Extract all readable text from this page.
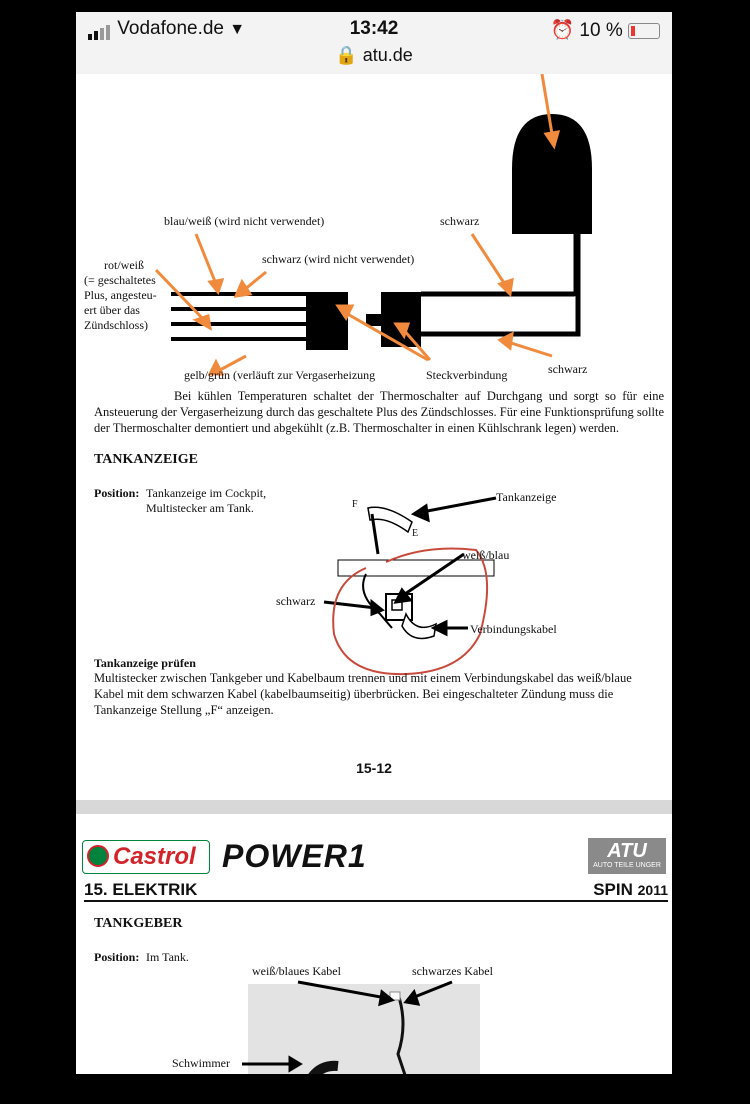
Vodafone.de ▼	13:42	⏰ 10 %
🔒 atu.de
blau/weiß (wird nicht verwendet)	schwarz
rot/weiß
(= geschaltetes
Plus, angesteu-
ert über das
Zündschloss)
schwarz (wird nicht verwendet)
gelb/grün (verläuft zur Vergaserheizung	Steckverbindung	schwarz
Bei kühlen Temperaturen schaltet der Thermoschalter auf Durchgang und sorgt so für eine Ansteuerung der Vergaserheizung durch das geschaltete Plus des Zündschlosses. Für eine Funktionsprüfung sollte der Thermoschalter demontiert und abgekühlt (z.B. Thermoschalter in einen Kühlschrank legen) werden.
TANKANZEIGE
Position: Tankanzeige im Cockpit,
Multistecker am Tank.	F
E
Tankanzeige
weiß/blau
schwarz
Verbindungskabel
Tankanzeige prüfen
Multistecker zwischen Tankgeber und Kabelbaum trennen und mit einem Verbindungskabel das weiß/blaue Kabel mit dem schwarzen Kabel (kabelbaumseitig) überbrücken. Bei eingeschalteter Zündung muss die Tankanzeige Stellung „F“ anzeigen.
15-12
Castrol POWER1	ATU
AUTO TEILE UNGER
15. ELEKTRIK	SPIN 2011
TANKGEBER
Position: Im Tank.
weiß/blaues Kabel	schwarzes Kabel
Schwimmer
